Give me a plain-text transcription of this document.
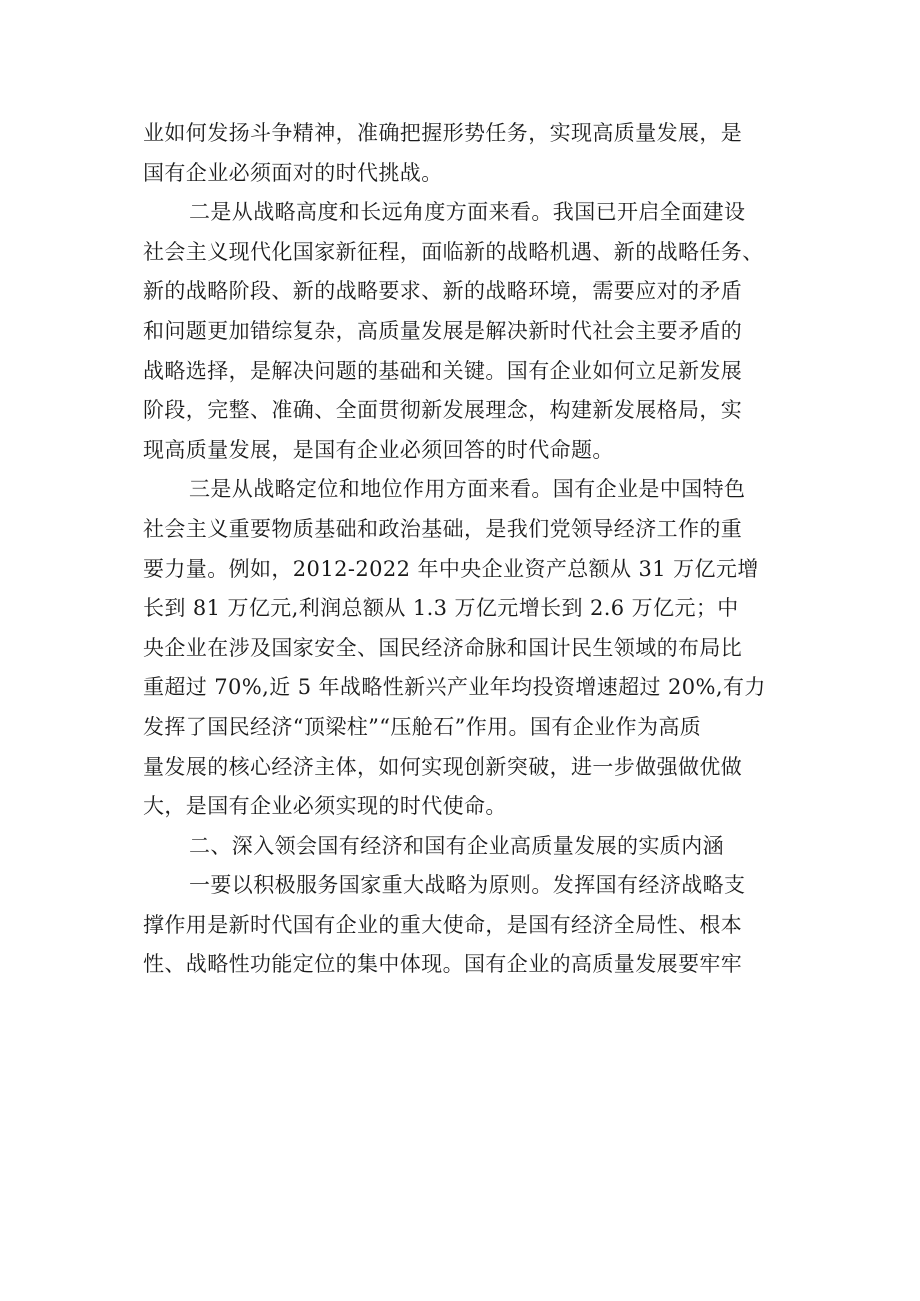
业如何发扬斗争精神，准确把握形势任务，实现高质量发展，是
国有企业必须面对的时代挑战。
二是从战略高度和长远角度方面来看。我国已开启全面建设
社会主义现代化国家新征程，面临新的战略机遇、新的战略任务、
新的战略阶段、新的战略要求、新的战略环境，需要应对的矛盾
和问题更加错综复杂，高质量发展是解决新时代社会主要矛盾的
战略选择，是解决问题的基础和关键。国有企业如何立足新发展
阶段，完整、准确、全面贯彻新发展理念，构建新发展格局，实
现高质量发展，是国有企业必须回答的时代命题。
三是从战略定位和地位作用方面来看。国有企业是中国特色
社会主义重要物质基础和政治基础，是我们党领导经济工作的重
要力量。例如，2012-2022 年中央企业资产总额从 31 万亿元增
长到 81 万亿元,利润总额从 1.3 万亿元增长到 2.6 万亿元；中
央企业在涉及国家安全、国民经济命脉和国计民生领域的布局比
重超过 70%,近 5 年战略性新兴产业年均投资增速超过 20%,有力
发挥了国民经济“顶梁柱”“压舱石”作用。国有企业作为高质
量发展的核心经济主体，如何实现创新突破，进一步做强做优做
大，是国有企业必须实现的时代使命。
二、深入领会国有经济和国有企业高质量发展的实质内涵
一要以积极服务国家重大战略为原则。发挥国有经济战略支
撑作用是新时代国有企业的重大使命，是国有经济全局性、根本
性、战略性功能定位的集中体现。国有企业的高质量发展要牢牢
